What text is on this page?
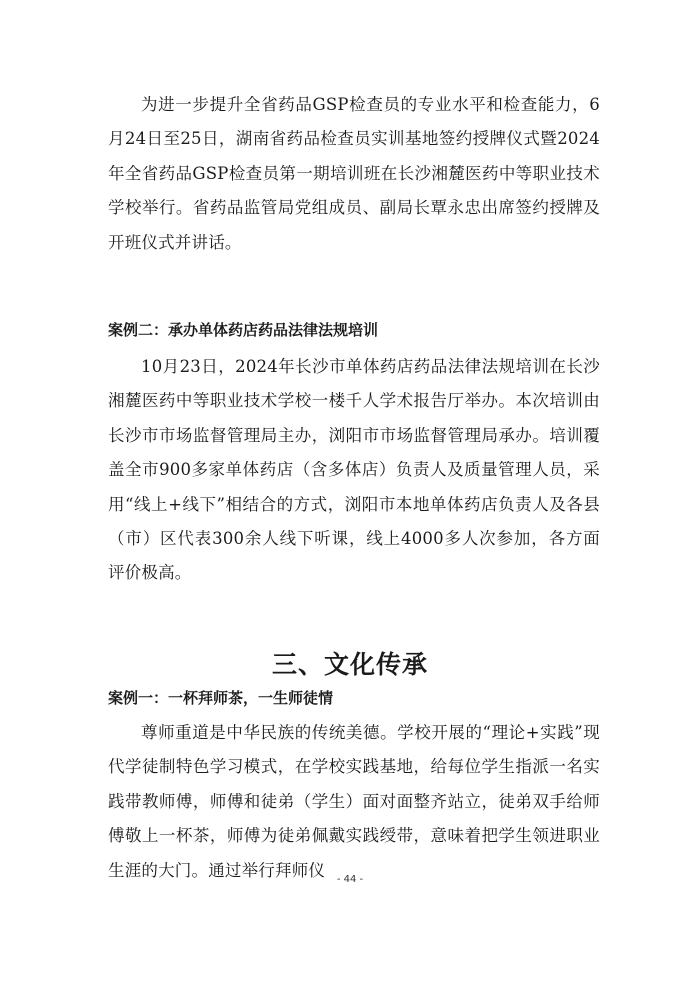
为进一步提升全省药品GSP检查员的专业水平和检查能力，6月24日至25日，湖南省药品检查员实训基地签约授牌仪式暨2024年全省药品GSP检查员第一期培训班在长沙湘麓医药中等职业技术学校举行。省药品监管局党组成员、副局长覃永忠出席签约授牌及开班仪式并讲话。

案例二：承办单体药店药品法律法规培训

10月23日，2024年长沙市单体药店药品法律法规培训在长沙湘麓医药中等职业技术学校一楼千人学术报告厅举办。本次培训由长沙市市场监督管理局主办，浏阳市市场监督管理局承办。培训覆盖全市900多家单体药店（含多体店）负责人及质量管理人员，采用“线上+线下”相结合的方式，浏阳市本地单体药店负责人及各县（市）区代表300余人线下听课，线上4000多人次参加，各方面评价极高。

三、文化传承

案例一：一杯拜师茶，一生师徒情

尊师重道是中华民族的传统美德。学校开展的“理论+实践”现代学徒制特色学习模式，在学校实践基地，给每位学生指派一名实践带教师傅，师傅和徒弟（学生）面对面整齐站立，徒弟双手给师傅敬上一杯茶，师傅为徒弟佩戴实践绶带，意味着把学生领进职业生涯的大门。通过举行拜师仪	- 44 -
